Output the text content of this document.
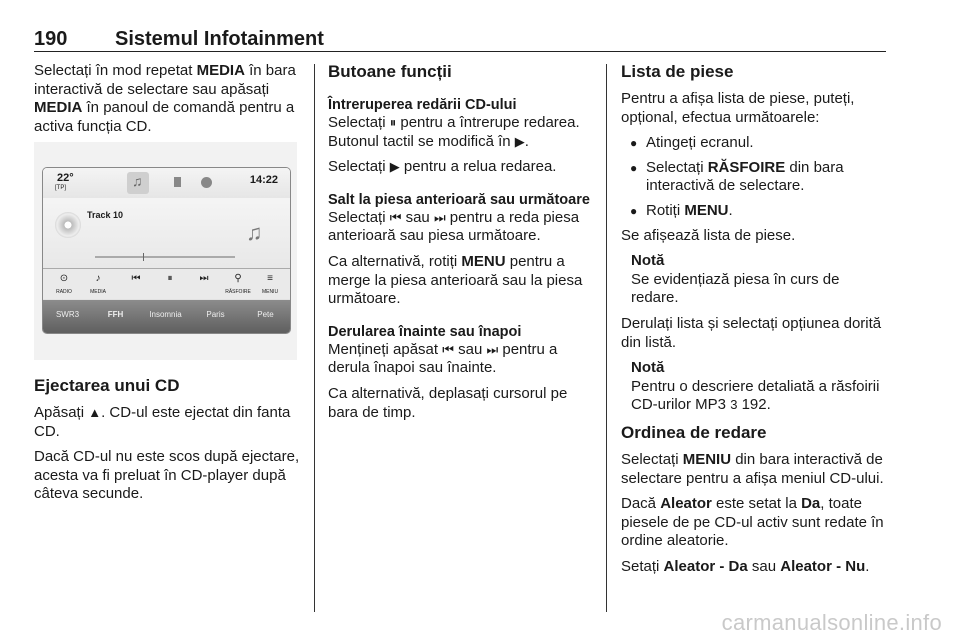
190 Sistemul Infotainment

Selectați în mod repetat MEDIA în bara interactivă de selectare sau apăsați MEDIA în panoul de comandă pentru a activa funcția CD.

22°
[TP]	♫	14:22
Track 10
♫
⊙
RADIO
♪
MEDIA
⏮	⏸	⏭	⚲
RĂSFOIRE
≡
MENIU
SWR3	FFH	Insomnia	Paris	Pete
Ejectarea unui CD

Apăsați ▲. CD-ul este ejectat din fanta CD.

Dacă CD-ul nu este scos după ejectare, acesta va fi preluat în CD-player după câteva secunde.

Butoane funcții
Întreruperea redării CD-ului

Selectați ⏸ pentru a întrerupe redarea. Butonul tactil se modifică în ▶.

Selectați ▶ pentru a relua redarea.

Salt la piesa anterioară sau următoare

Selectați ⏮ sau ⏭ pentru a reda piesa anterioară sau piesa următoare.

Ca alternativă, rotiți MENU pentru a merge la piesa anterioară sau la piesa următoare.

Derularea înainte sau înapoi

Mențineți apăsat ⏮ sau ⏭ pentru a derula înapoi sau înainte.

Ca alternativă, deplasați cursorul pe bara de timp.

Lista de piese

Pentru a afișa lista de piese, puteți, opțional, efectua următoarele:

● Atingeți ecranul.
● Selectați RĂSFOIRE din bara interactivă de selectare.
● Rotiți MENU.

Se afișează lista de piese.

Notă
Se evidențiază piesa în curs de redare.

Derulați lista și selectați opțiunea dorită din listă.

Notă
Pentru o descriere detaliată a răsfoirii CD-urilor MP3 3 192.
Ordinea de redare

Selectați MENIU din bara interactivă de selectare pentru a afișa meniul CD-ului.

Dacă Aleator este setat la Da, toate piesele de pe CD-ul activ sunt redate în ordine aleatorie.

Setați Aleator - Da sau Aleator - Nu.

carmanualsonline.info
